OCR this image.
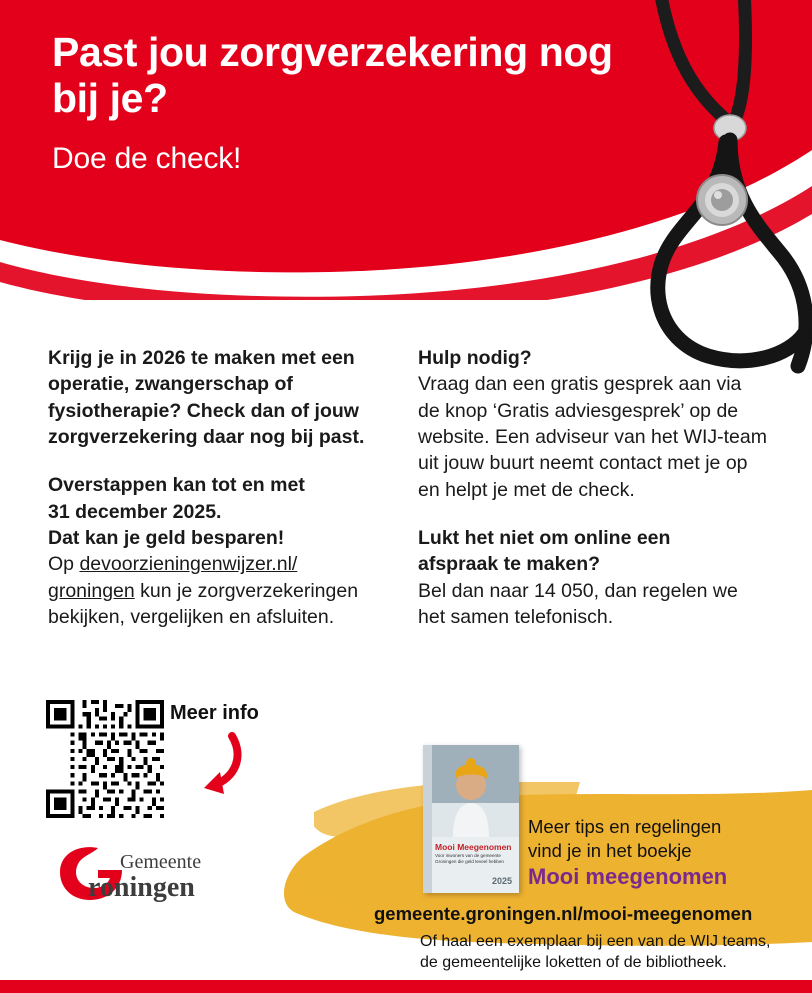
Past jou zorgverzekering nog bij je?
Doe de check!
Krijg je in 2026 te maken met een operatie, zwangerschap of fysiotherapie? Check dan of jouw zorgverzekering daar nog bij past.
Overstappen kan tot en met
31 december 2025.
Dat kan je geld besparen!
Op devoorzieningenwijzer.nl/ groningen kun je zorgverzekeringen bekijken, vergelijken en afsluiten.
Hulp nodig?
Vraag dan een gratis gesprek aan via de knop ‘Gratis adviesgesprek’ op de website. Een adviseur van het WIJ-team uit jouw buurt neemt contact met je op en helpt je met de check.
Lukt het niet om online een
afspraak te maken?
Bel dan naar 14 050, dan regelen we het samen telefonisch.
Meer info
Gemeente
roningen
Mooi Meegenomen
Voor inwoners van de gemeente Groningen die geld teveel hebben
2025
Meer tips en regelingen
vind je in het boekje
Mooi meegenomen
gemeente.groningen.nl/mooi-meegenomen
Of haal een exemplaar bij een van de WIJ teams,
de gemeentelijke loketten of de bibliotheek.
